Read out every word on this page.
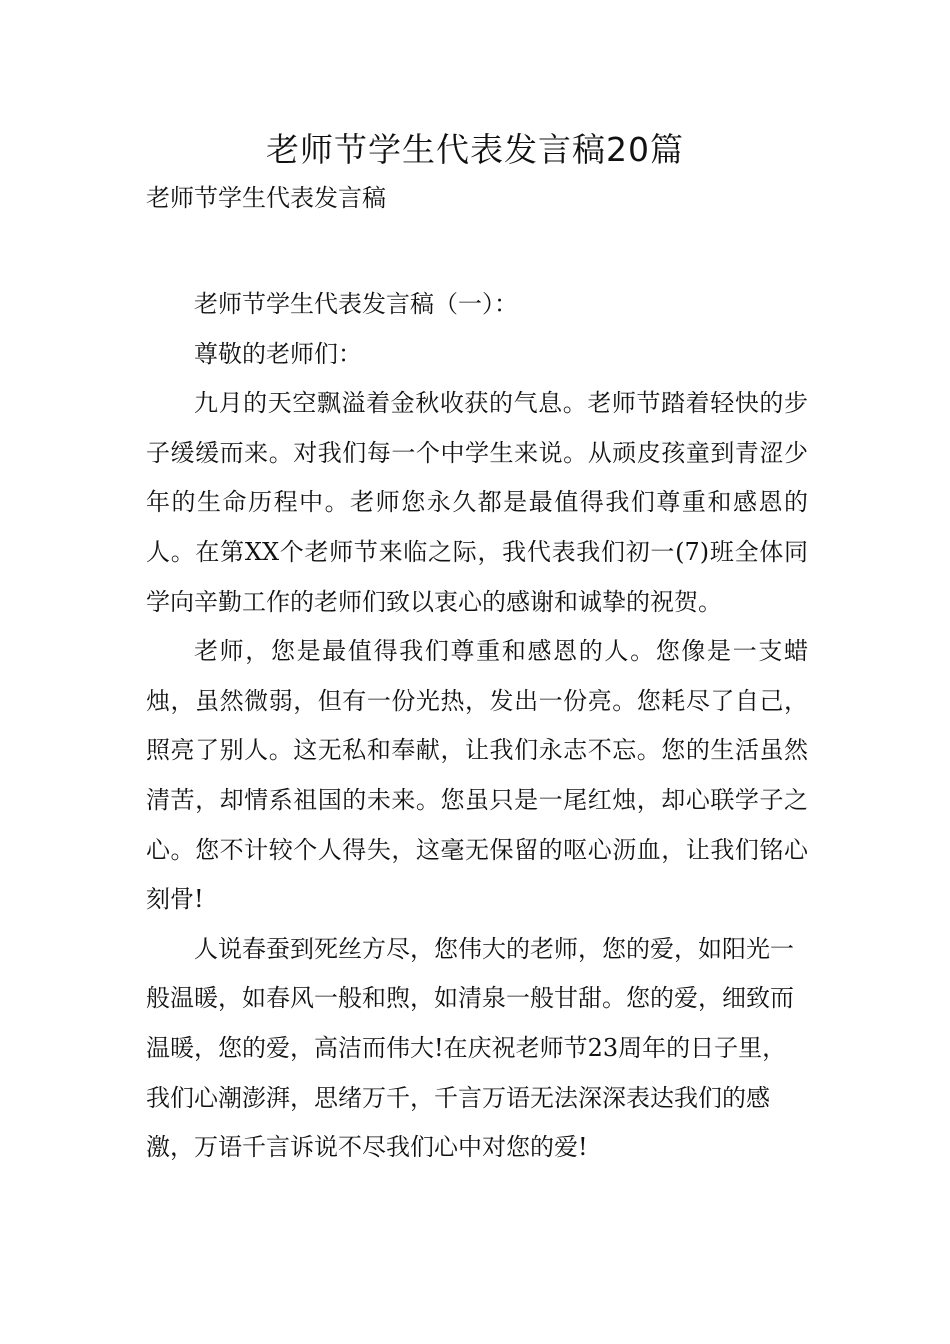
老师节学生代表发言稿20篇

老师节学生代表发言稿

老师节学生代表发言稿（一）：

尊敬的老师们：

九月的天空飘溢着金秋收获的气息。老师节踏着轻快的步子缓缓而来。对我们每一个中学生来说。从顽皮孩童到青涩少年的生命历程中。老师您永久都是最值得我们尊重和感恩的人。在第XX个老师节来临之际，我代表我们初一(7)班全体同学向辛勤工作的老师们致以衷心的感谢和诚挚的祝贺。

老师，您是最值得我们尊重和感恩的人。您像是一支蜡烛，虽然微弱，但有一份光热，发出一份亮。您耗尽了自己，照亮了别人。这无私和奉献，让我们永志不忘。您的生活虽然清苦，却情系祖国的未来。您虽只是一尾红烛，却心联学子之心。您不计较个人得失，这毫无保留的呕心沥血，让我们铭心刻骨!

人说春蚕到死丝方尽，您伟大的老师，您的爱，如阳光一般温暖，如春风一般和煦，如清泉一般甘甜。您的爱，细致而温暖，您的爱，高洁而伟大!在庆祝老师节23周年的日子里，我们心潮澎湃，思绪万千，千言万语无法深深表达我们的感激，万语千言诉说不尽我们心中对您的爱!
